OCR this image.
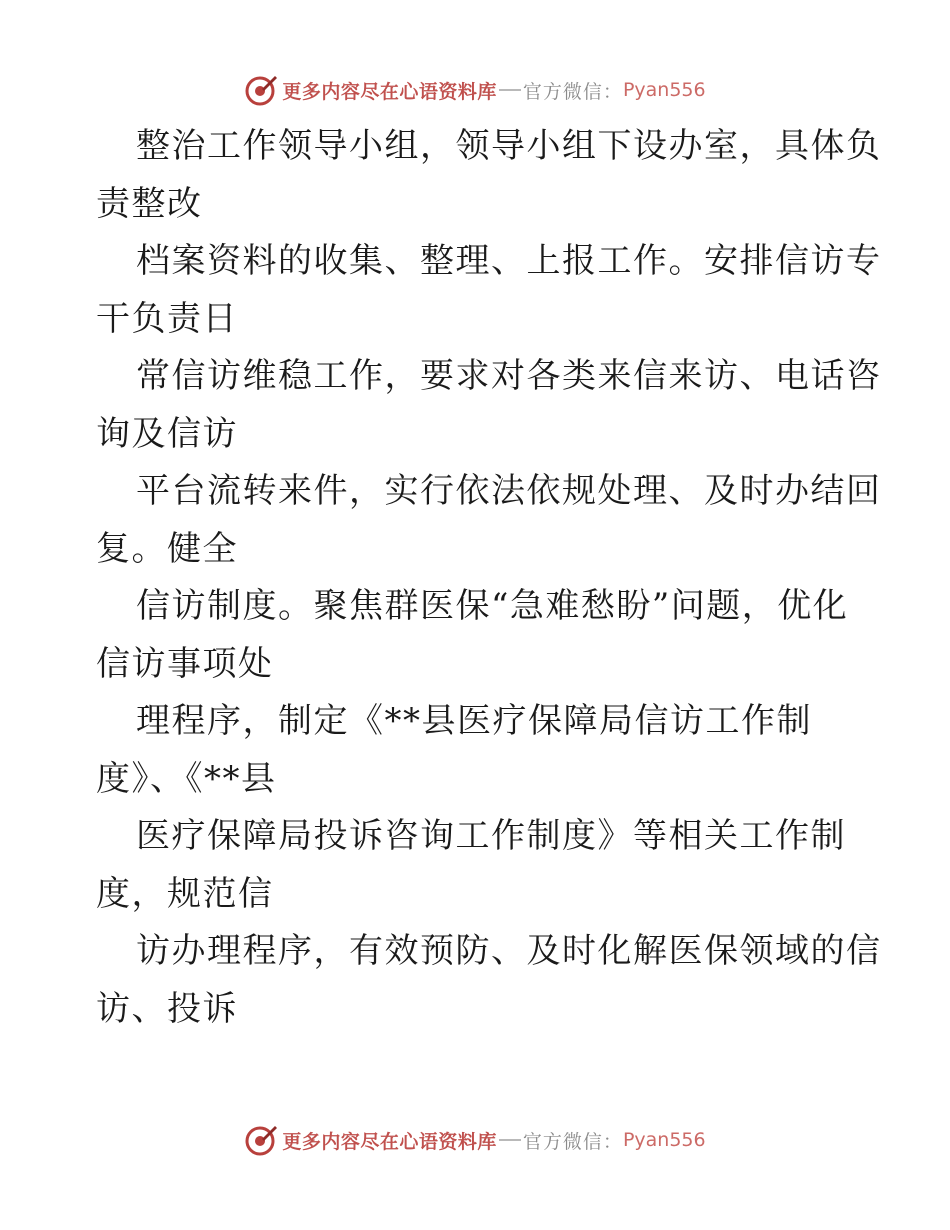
更多内容尽在心语资料库 官方微信： Pyan556
整治工作领导小组，领导小组下设办室，具体负
责整改
档案资料的收集、整理、上报工作。安排信访专
干负责日
常信访维稳工作，要求对各类来信来访、电话咨
询及信访
平台流转来件，实行依法依规处理、及时办结回
复。健全
信访制度。聚焦群医保“急难愁盼”问题，优化
信访事项处
理程序，制定《**县医疗保障局信访工作制
度》、《**县
医疗保障局投诉咨询工作制度》等相关工作制
度，规范信
访办理程序，有效预防、及时化解医保领域的信
访、投诉
更多内容尽在心语资料库 官方微信： Pyan556
